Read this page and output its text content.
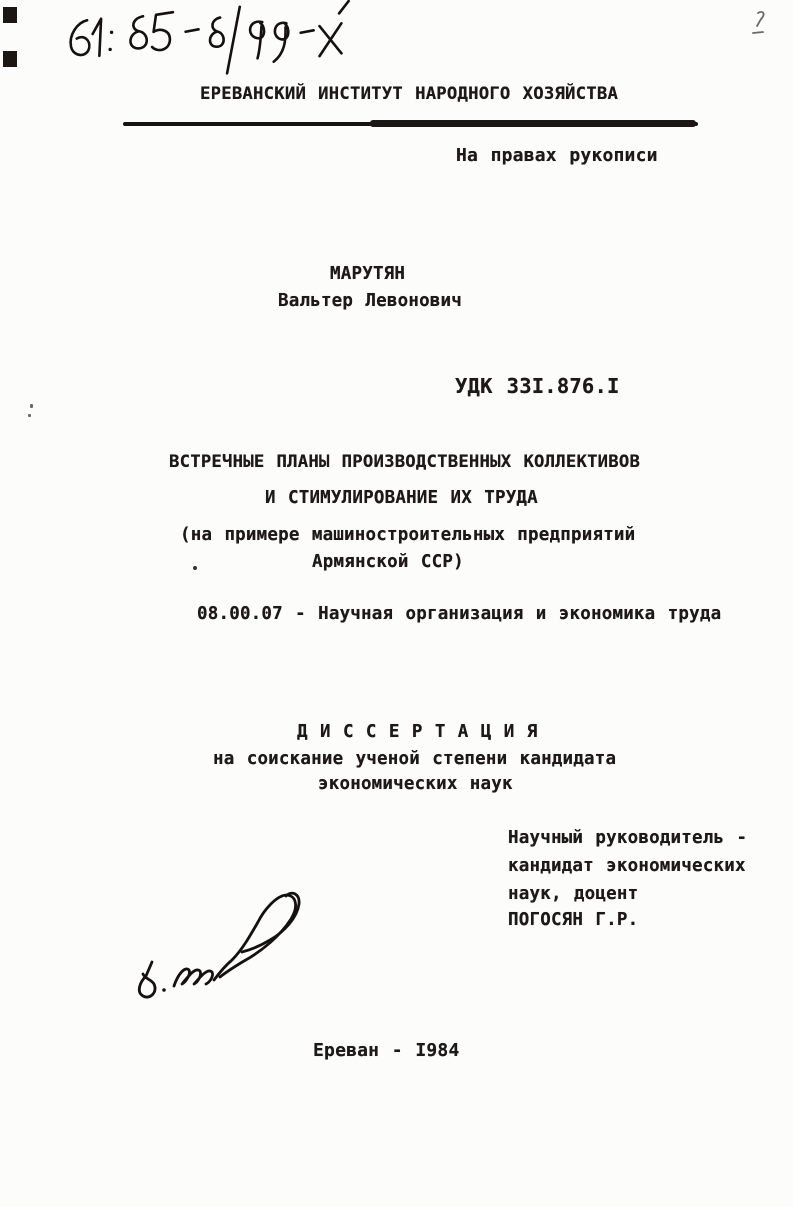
ЕРЕВАНСКИЙ ИНСТИТУТ НАРОДНОГО ХОЗЯЙСТВА
На правах рукописи
МАРУТЯН
Вальтер Левонович
УДК 33I.876.I
ВСТРЕЧНЫЕ ПЛАНЫ ПРОИЗВОДСТВЕННЫХ КОЛЛЕКТИВОВ
И СТИМУЛИРОВАНИЕ ИХ ТРУДА
(на примере машиностроительных предприятий
Армянской ССР)
08.00.07 - Научная организация и экономика труда
Д И С С Е Р Т А Ц И Я
на соискание ученой степени кандидата
экономических наук
Научный руководитель -
кандидат экономических
наук, доцент
ПОГОСЯН Г.Р.
Ереван - I984
